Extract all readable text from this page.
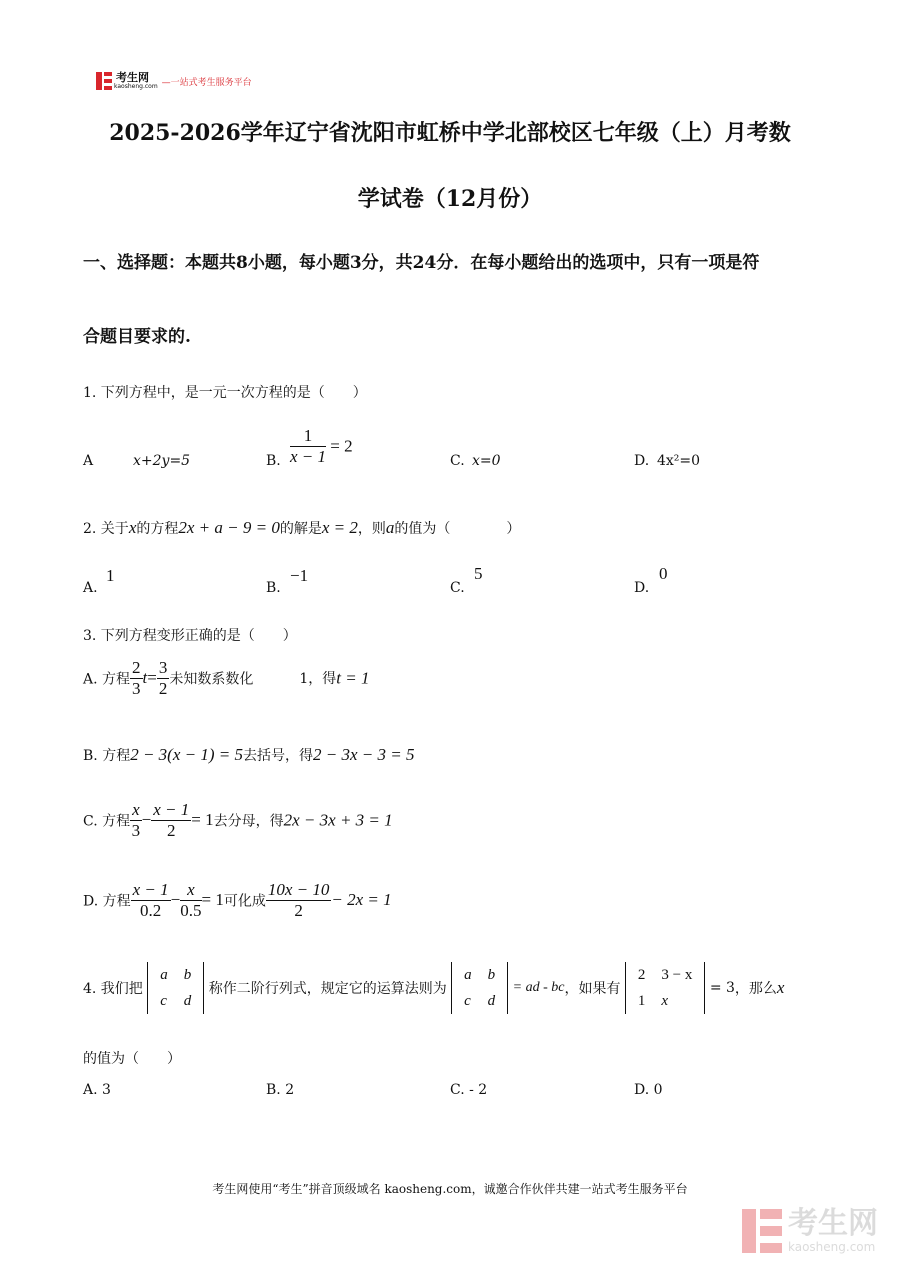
考生网
kaosheng.com —一站式考生服务平台
2025-2026学年辽宁省沈阳市虹桥中学北部校区七年级（上）月考数
学试卷（12月份）
一、选择题：本题共8小题，每小题3分，共24分．在每小题给出的选项中，只有一项是符
合题目要求的.
1. 下列方程中，是一元一次方程的是（　　）
A	x+2y=5	B. $\frac{1}{x - 1} = 2$
C. x=0	D. 4x²=0
2. 关于x的方程2x + a − 9 = 0的解是x = 2，则a的值为（　　　　）
A.
1
B.
−1
C.
5
D.
0
3. 下列方程变形正确的是（　　）
A. 方程 $\frac{2}{3} t= \frac{3}{2}$ 未知数系数化	1，得t = 1
B. 方程2 − 3(x − 1) = 5去括号，得2 − 3x − 3 = 5
C. 方程 $\frac{x}{3} - \frac{x - 1}{2} = 1$去分母，得2x − 3x + 3 = 1
D. 方程 $\frac{x - 1}{0.2} - \frac{x}{0.5} = 1$可化成 $\frac{10x - 10}{2} - 2x = 1$
4. 我们把
a	b
c	d
称作二阶行列式，规定它的运算法则为
a	b
c	d
= ad - bc，如果有
2	3 − x
1	x
= 3，那么x
的值为（　　）
A. 3	B. 2	C. - 2	D. 0
考生网使用“考生”拼音顶级域名 kaosheng.com，诚邀合作伙伴共建一站式考生服务平台
考生网
kaosheng.com
